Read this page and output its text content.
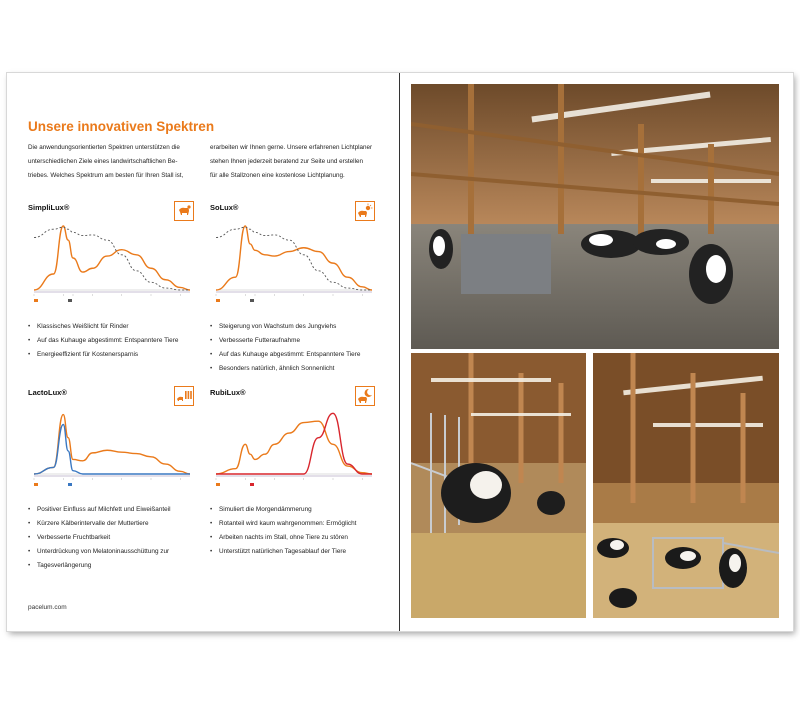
Unsere innovativen Spektren
Die anwendungsorientierten Spektren unterstützen die
unterschiedlichen Ziele eines landwirtschaftlichen Be-
triebes. Welches Spektrum am besten für Ihren Stall ist,
erarbeiten wir Ihnen gerne. Unsere erfahrenen Lichtplaner
stehen Ihnen jederzeit beratend zur Seite und erstellen
für alle Stallzonen eine kostenlose Lichtplanung.
SimpliLux®
• Klassisches Weißlicht für Rinder
• Auf das Kuhauge abgestimmt: Entspanntere Tiere
• Energieeffizient für Kostenersparnis
SoLux®
• Steigerung von Wachstum des Jungviehs
• Verbesserte Futteraufnahme
• Auf das Kuhauge abgestimmt: Entspanntere Tiere
• Besonders natürlich, ähnlich Sonnenlicht
LactoLux®
• Positiver Einfluss auf Milchfett und Eiweißanteil
• Kürzere Kälberintervalle der Muttertiere
• Verbesserte Fruchtbarkeit
• Unterdrückung von Melatoninausschüttung zur
• Tagesverlängerung
RubiLux®
• Simuliert die Morgendämmerung
• Rotanteil wird kaum wahrgenommen: Ermöglicht
• Arbeiten nachts im Stall, ohne Tiere zu stören
• Unterstützt natürlichen Tagesablauf der Tiere
pacelum.com
